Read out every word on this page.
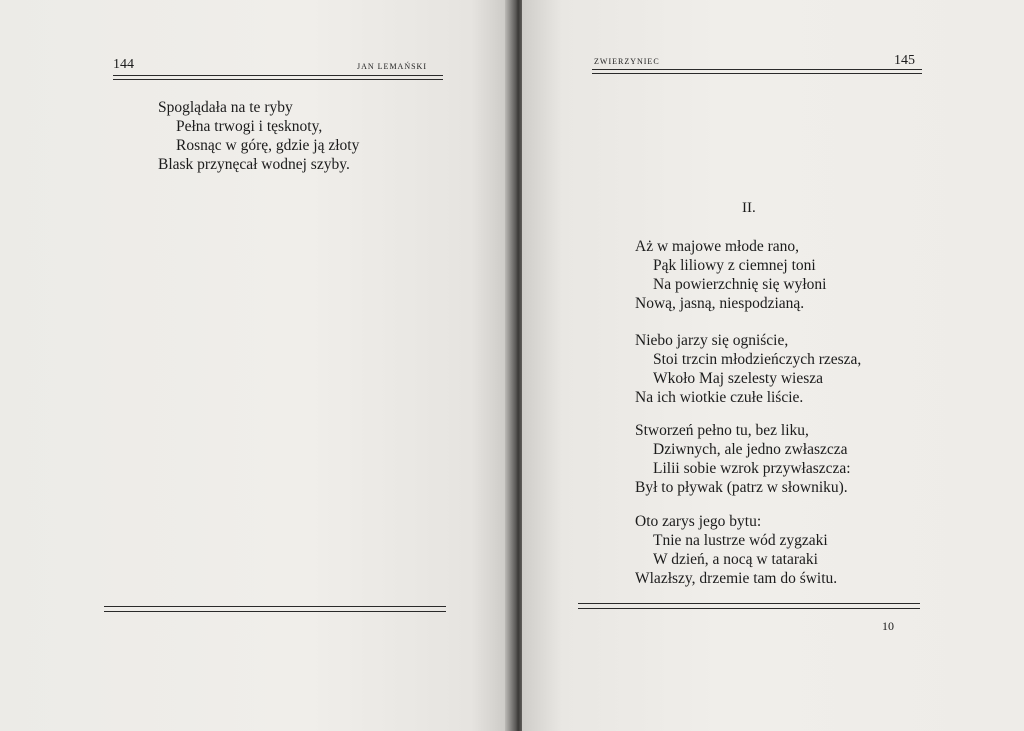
144	JAN LEMAŃSKI
Spoglądała na te ryby
Pełna trwogi i tęsknoty,
Rosnąc w górę, gdzie ją złoty
Blask przynęcał wodnej szyby.
ZWIERZYNIEC	145
II.
Aż w majowe młode rano,
Pąk liliowy z ciemnej toni
Na powierzchnię się wyłoni
Nową, jasną, niespodzianą.
Niebo jarzy się ogniście,
Stoi trzcin młodzieńczych rzesza,
Wkoło Maj szelesty wiesza
Na ich wiotkie czułe liście.
Stworzeń pełno tu, bez liku,
Dziwnych, ale jedno zwłaszcza
Lilii sobie wzrok przywłaszcza:
Był to pływak (patrz w słowniku).
Oto zarys jego bytu:
Tnie na lustrze wód zygzaki
W dzień, a nocą w tataraki
Wlazłszy, drzemie tam do świtu.
10
